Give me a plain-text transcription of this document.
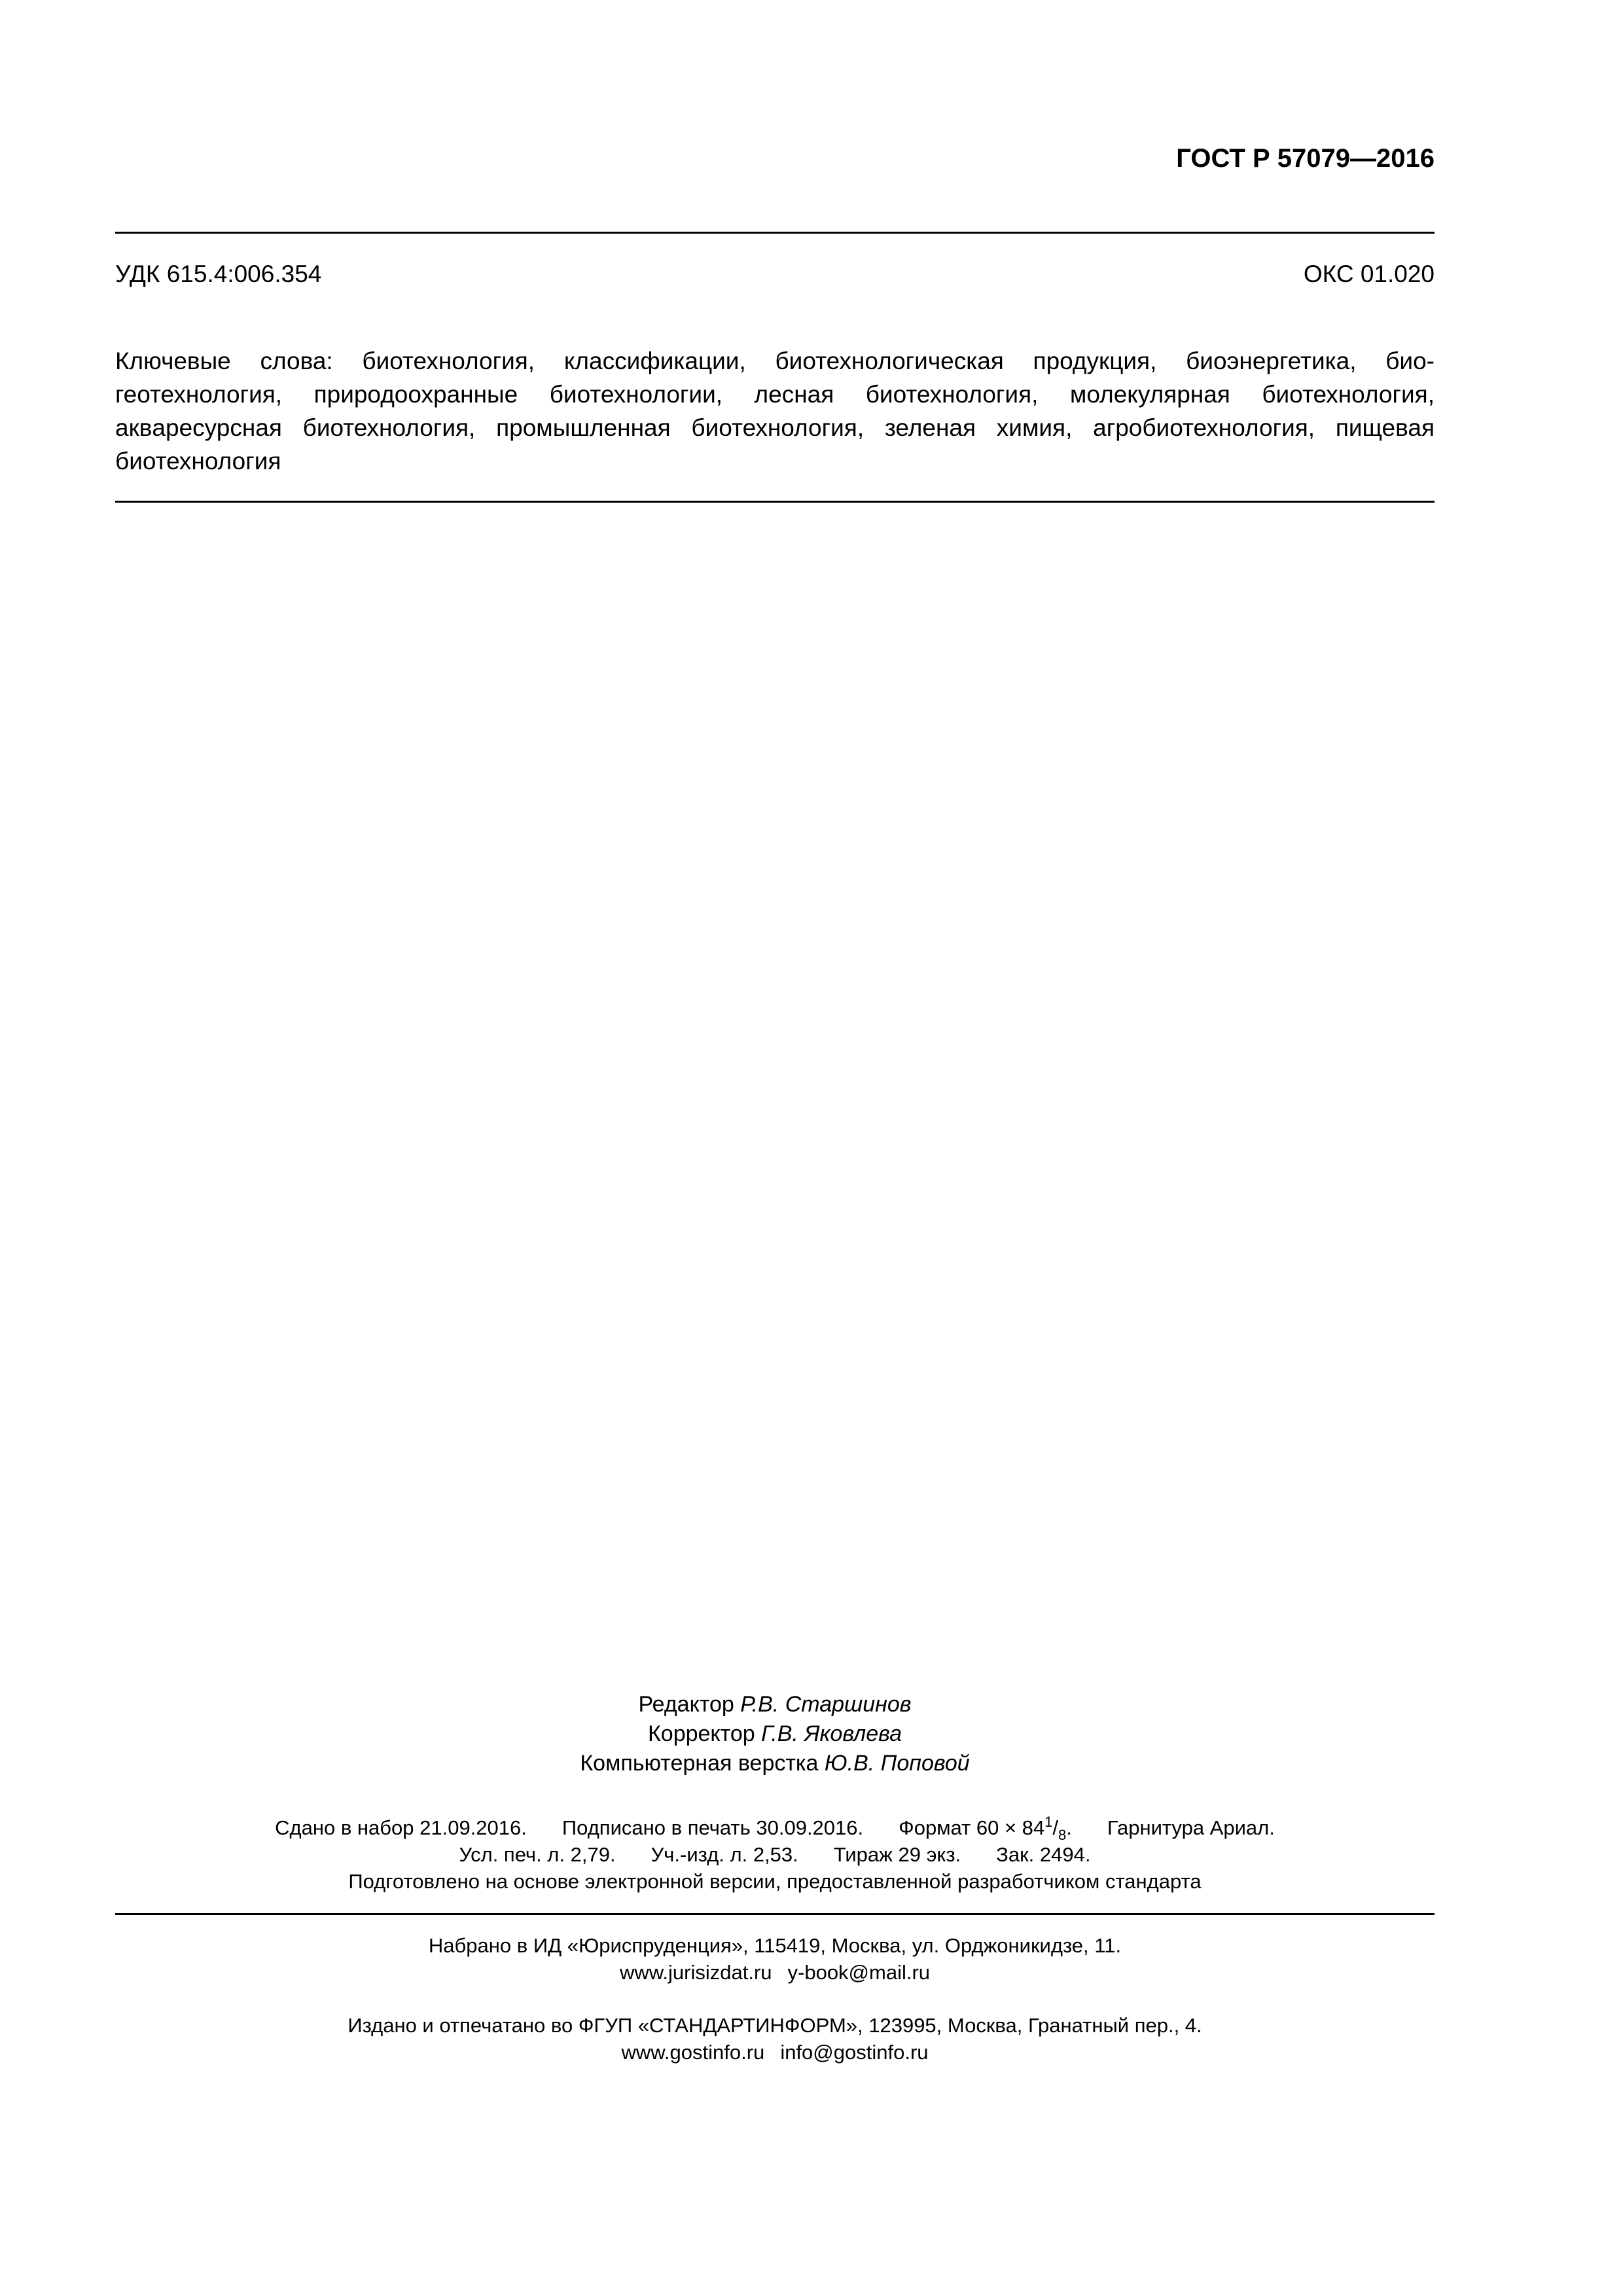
ГОСТ Р 57079—2016
УДК 615.4:006.354	ОКС 01.020
Ключевые слова: биотехнология, классификации, биотехнологическая продукция, биоэнергетика, био-геотехнология, природоохранные биотехнологии, лесная биотехнология, молекулярная биотехнология, аквaресурсная биотехнология, промышленная биотехнология, зеленая химия, агробиотехнология, пищевая биотехнология
Редактор Р.В. Старшинов
Корректор Г.В. Яковлева
Компьютерная верстка Ю.В. Поповой
Сдано в набор 21.09.2016. Подписано в печать 30.09.2016. Формат $60 \times 84^1/_8$. Гарнитура Ариал.
Усл. печ. л. 2,79. Уч.-изд. л. 2,53. Тираж 29 экз. Зак. 2494.
Подготовлено на основе электронной версии, предоставленной разработчиком стандарта
Набрано в ИД «Юриспруденция», 115419, Москва, ул. Орджоникидзе, 11.
www.jurisizdat.ru y-book@mail.ru
Издано и отпечатано во ФГУП «СТАНДАРТИНФОРМ», 123995, Москва, Гранатный пер., 4.
www.gostinfo.ru info@gostinfo.ru
